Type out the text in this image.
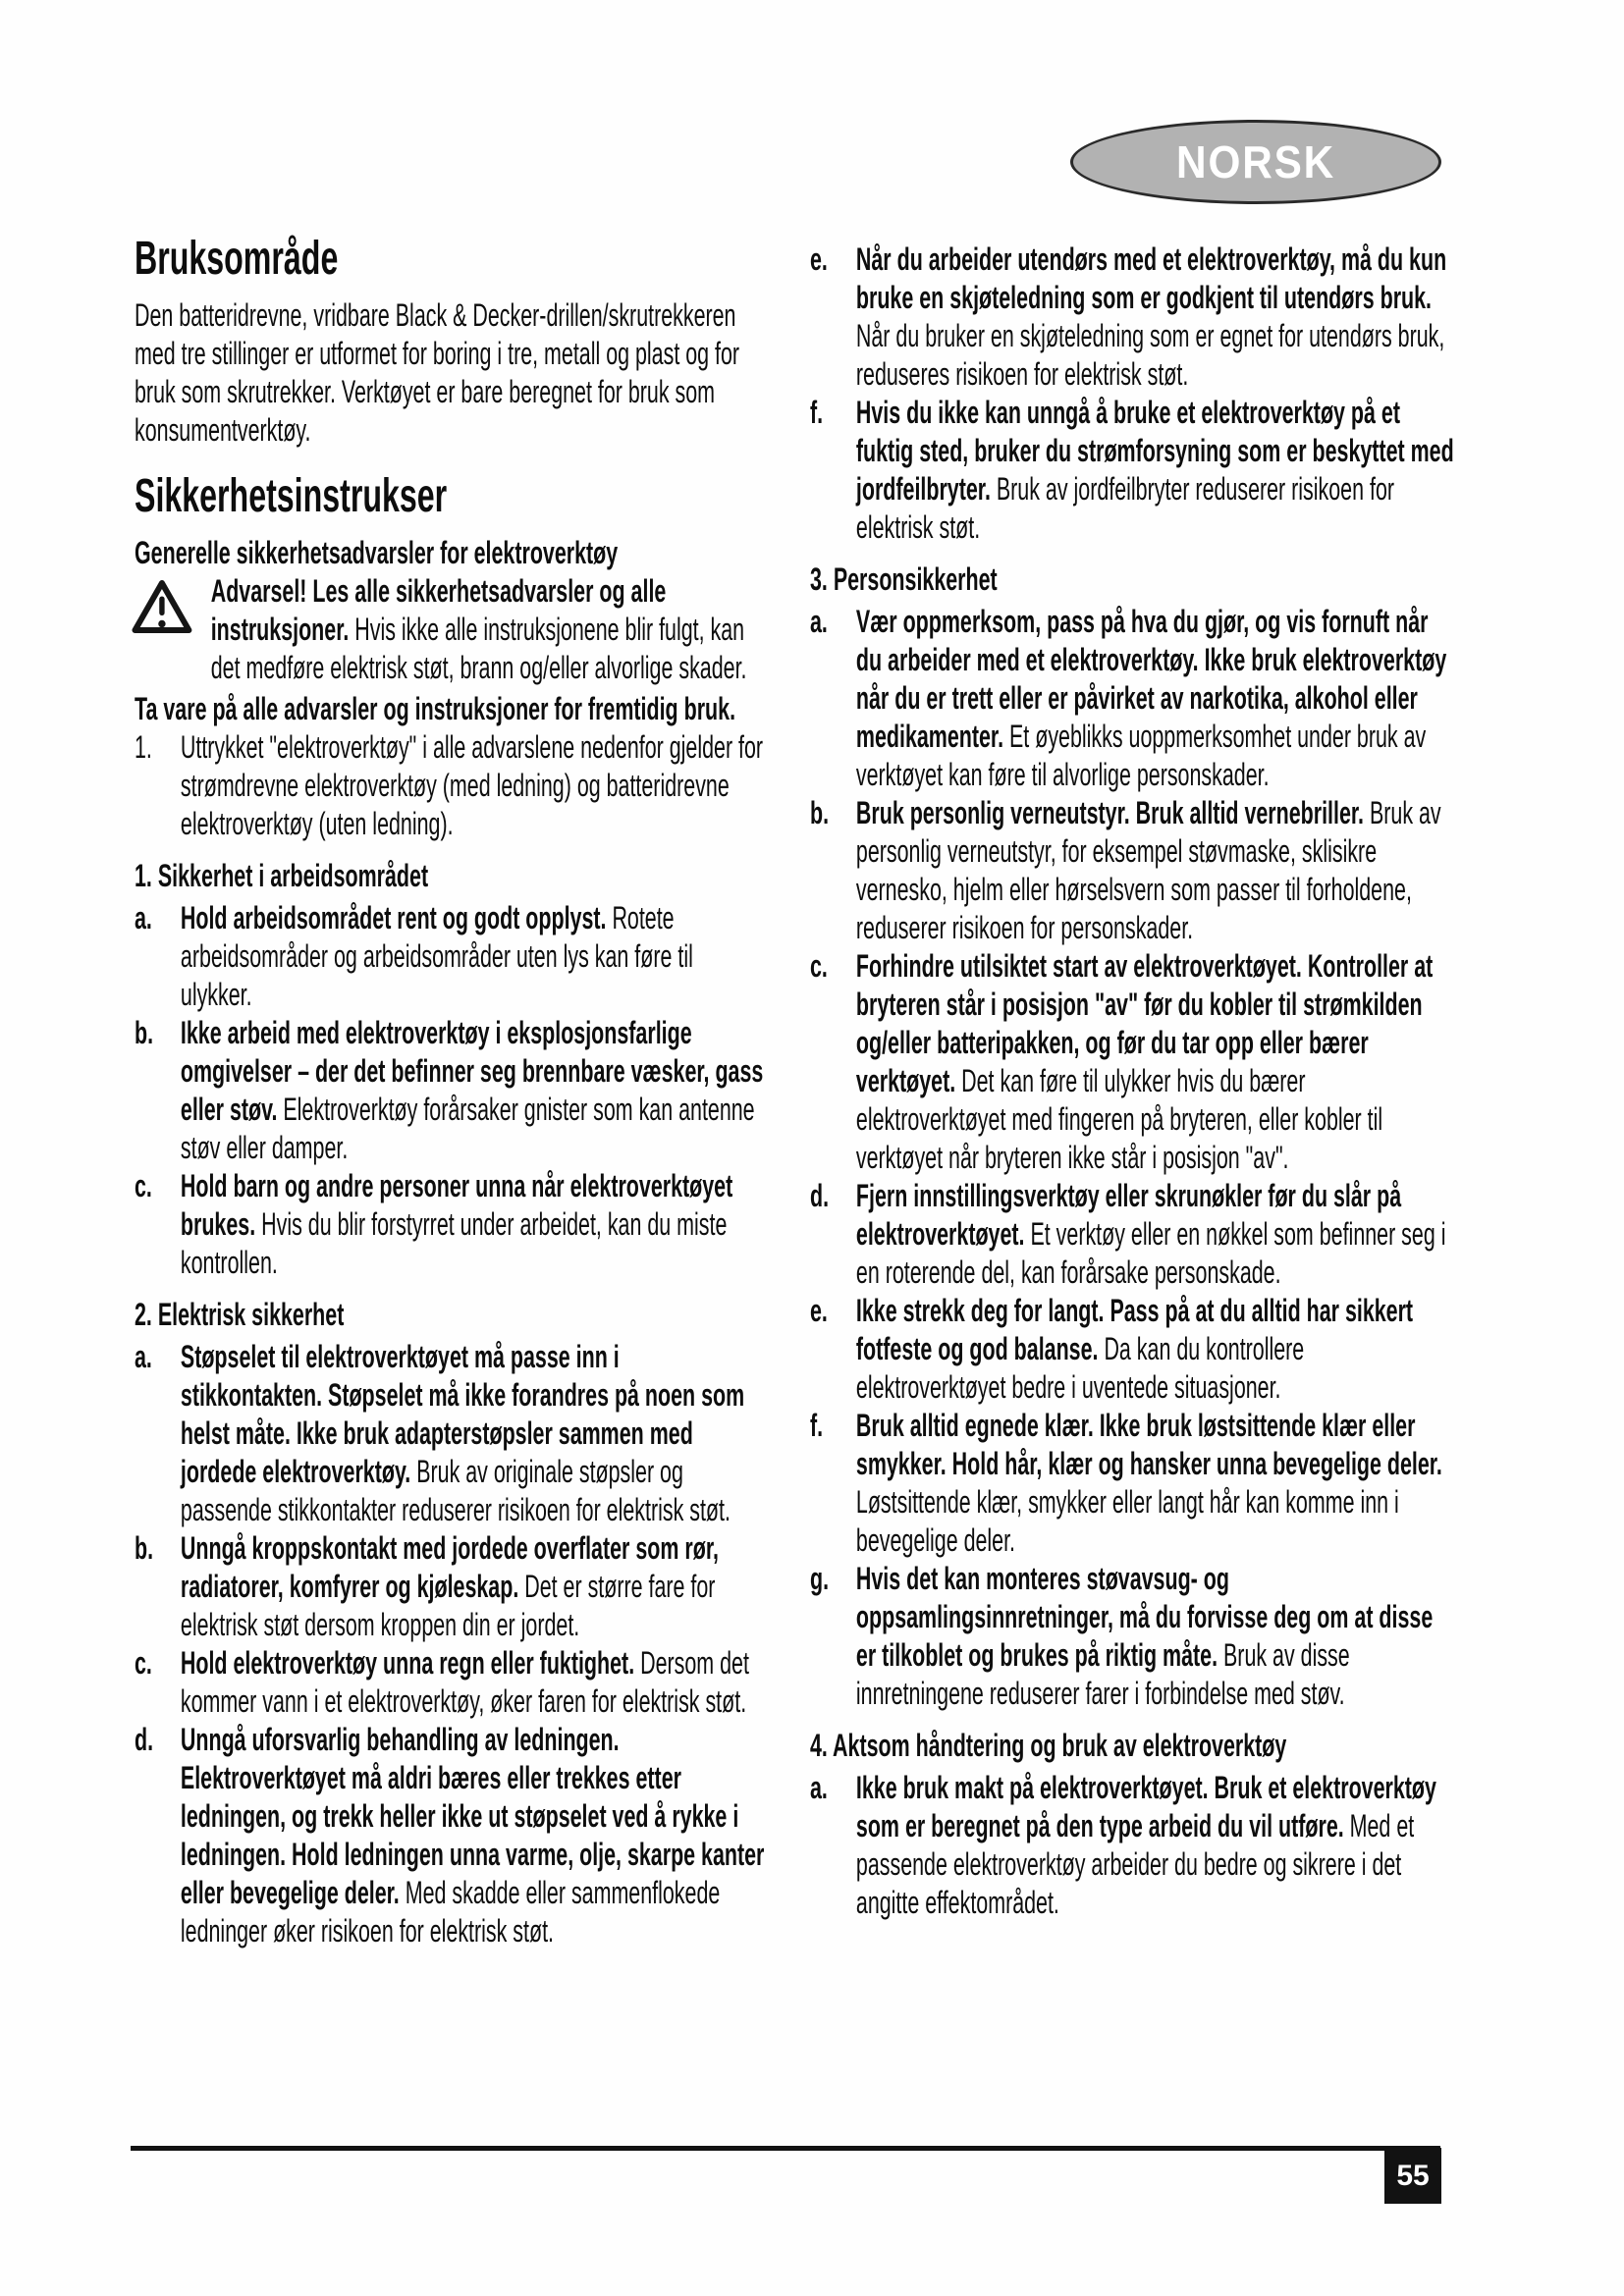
NORSK
Bruksområde

Den batteridrevne, vridbare Black & Decker-drillen/​skrutrekkeren med tre stillinger er utformet for boring i tre, metall og plast og for bruk som skrutrekker. Verktøyet er bare beregnet for bruk som konsumentverktøy.

Sikkerhetsinstrukser
Generelle sikkerhetsadvarsler for elektroverktøy
Advarsel! Les alle sikkerhetsadvarsler og alle instruksjoner. Hvis ikke alle instruksjonene blir fulgt, kan det medføre elektrisk støt, brann og/eller alvorlige skader.

Ta vare på alle advarsler og instruksjoner for fremtidig bruk.

1.Uttrykket "elektroverktøy" i alle advarslene nedenfor gjelder for strømdrevne elektroverktøy (med ledning) og batteridrevne elektroverktøy (uten ledning).

1. Sikkerhet i arbeidsområdet

a.Hold arbeidsområdet rent og godt opplyst. Rotete arbeidsområder og arbeidsområder uten lys kan føre til ulykker.

b.Ikke arbeid med elektroverktøy i eksplosjonsfarlige omgivelser – der det befinner seg brennbare væsker, gass eller støv. Elektroverktøy forårsaker gnister som kan antenne støv eller damper.

c.Hold barn og andre personer unna når elektroverktøyet brukes. Hvis du blir forstyrret under arbeidet, kan du miste kontrollen.

2. Elektrisk sikkerhet

a.Støpselet til elektroverktøyet må passe inn i stikkontakten. Støpselet må ikke forandres på noen som helst måte. Ikke bruk adapterstøpsler sammen med jordede elektroverktøy. Bruk av originale støpsler og passende stikkontakter reduserer risikoen for elektrisk støt.

b.Unngå kroppskontakt med jordede overflater som rør, radiatorer, komfyrer og kjøleskap. Det er større fare for elektrisk støt dersom kroppen din er jordet.

c.Hold elektroverktøy unna regn eller fuktighet. Dersom det kommer vann i et elektroverktøy, øker faren for elektrisk støt.

d.Unngå uforsvarlig behandling av ledningen. Elektroverktøyet må aldri bæres eller trekkes etter ledningen, og trekk heller ikke ut støpselet ved å rykke i ledningen. Hold ledningen unna varme, olje, skarpe kanter eller bevegelige deler. Med skadde eller sammenflokede ledninger øker risikoen for elektrisk støt.

e.Når du arbeider utendørs med et elektroverktøy, må du kun bruke en skjøteledning som er godkjent til utendørs bruk. Når du bruker en skjøteledning som er egnet for utendørs bruk, reduseres risikoen for elektrisk støt.

f.Hvis du ikke kan unngå å bruke et elektroverktøy på et fuktig sted, bruker du strømforsyning som er beskyttet med jordfeilbryter. Bruk av jordfeilbryter reduserer risikoen for elektrisk støt.

3. Personsikkerhet

a.Vær oppmerksom, pass på hva du gjør, og vis fornuft når du arbeider med et elektroverktøy. Ikke bruk elektroverktøy når du er trett eller er påvirket av narkotika, alkohol eller medikamenter. Et øyeblikks uoppmerksomhet under bruk av verktøyet kan føre til alvorlige personskader.

b.Bruk personlig verneutstyr. Bruk alltid vernebriller. Bruk av personlig verneutstyr, for eksempel støvmaske, sklisikre vernesko, hjelm eller hørselsvern som passer til forholdene, reduserer risikoen for personskader.

c.Forhindre utilsiktet start av elektroverktøyet. Kontroller at bryteren står i posisjon "av" før du kobler til strømkilden og/eller batteripakken, og før du tar opp eller bærer verktøyet. Det kan føre til ulykker hvis du bærer elektroverktøyet med fingeren på bryteren, eller kobler til verktøyet når bryteren ikke står i posisjon "av".

d.Fjern innstillingsverktøy eller skrunøkler før du slår på elektroverktøyet. Et verktøy eller en nøkkel som befinner seg i en roterende del, kan forårsake personskade.

e.Ikke strekk deg for langt. Pass på at du alltid har sikkert fotfeste og god balanse. Da kan du kontrollere elektroverktøyet bedre i uventede situasjoner.

f.Bruk alltid egnede klær. Ikke bruk løstsittende klær eller smykker. Hold hår, klær og hansker unna bevegelige deler. Løstsittende klær, smykker eller langt hår kan komme inn i bevegelige deler.

g.Hvis det kan monteres støvavsug- og oppsamlingsinnretninger, må du forvisse deg om at disse er tilkoblet og brukes på riktig måte. Bruk av disse innretningene reduserer farer i forbindelse med støv.

4. Aktsom håndtering og bruk av elektroverktøy

a.Ikke bruk makt på elektroverktøyet. Bruk et elektroverktøy som er beregnet på den type arbeid du vil utføre. Med et passende elektroverktøy arbeider du bedre og sikrere i det angitte effektområdet.

55
